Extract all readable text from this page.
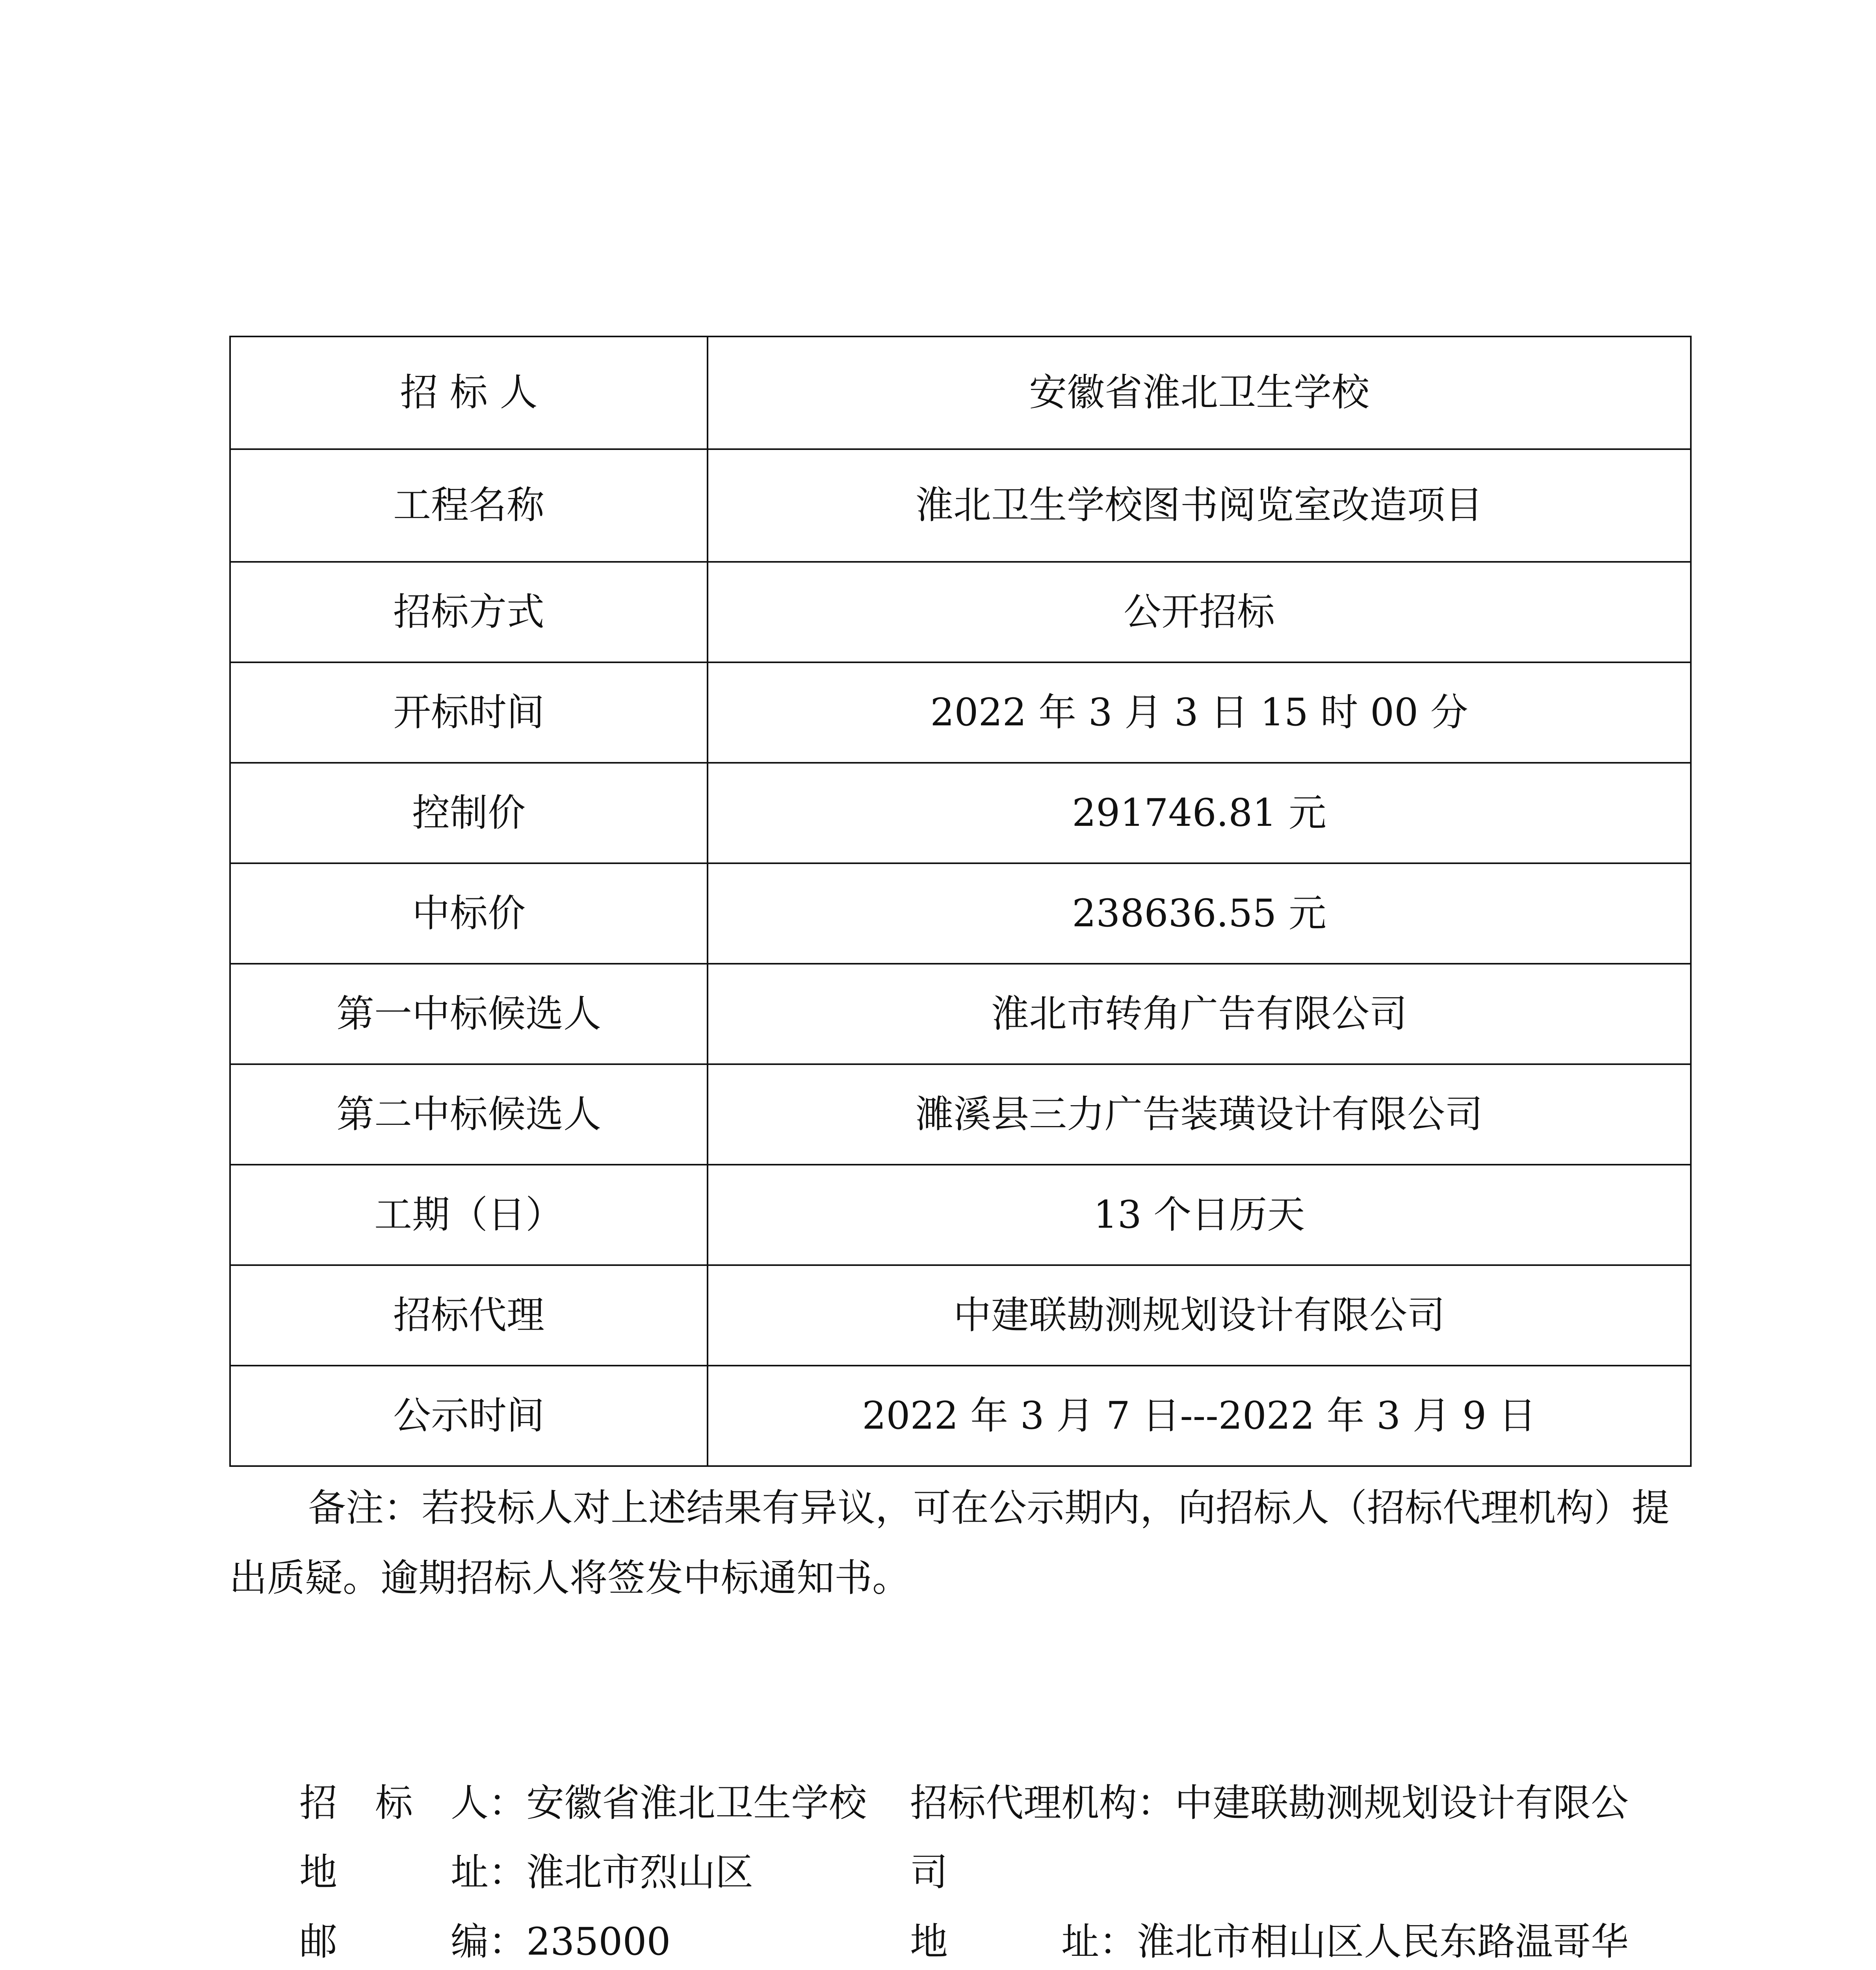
招 标 人	安徽省淮北卫生学校
工程名称	淮北卫生学校图书阅览室改造项目
招标方式	公开招标
开标时间	2022 年 3 月 3 日 15 时 00 分
控制价	291746.81 元
中标价	238636.55 元
第一中标候选人	淮北市转角广告有限公司
第二中标候选人	濉溪县三力广告装璜设计有限公司
工期（日）	13 个日历天
招标代理	中建联勘测规划设计有限公司
公示时间	2022 年 3 月 7 日---2022 年 3 月 9 日

备注：若投标人对上述结果有异议，可在公示期内，向招标人（招标代理机构）提出质疑。逾期招标人将签发中标通知书。

招标人 ： 安徽省淮北卫生学校
地址 ： 淮北市烈山区
邮编 ： 235000
招标代理机构：中建联勘测规划设计有限公司
地址 ： 淮北市相山区人民东路温哥华
